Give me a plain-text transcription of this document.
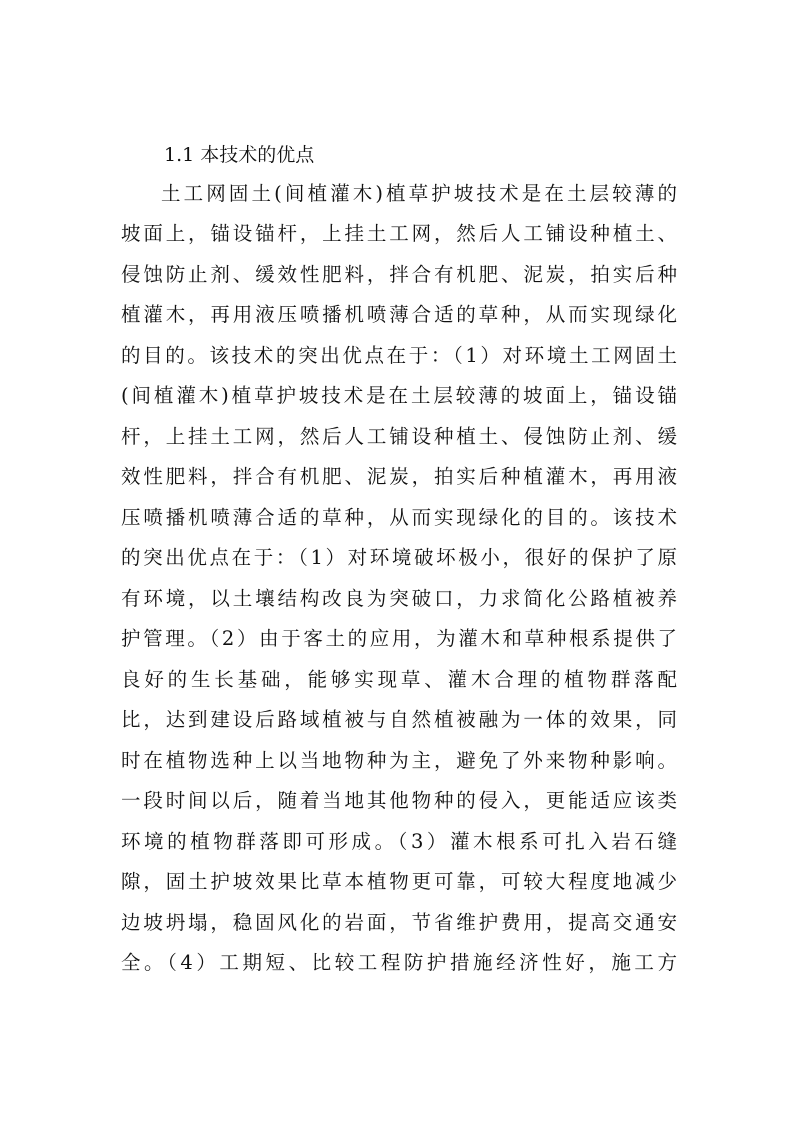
1.1 本技术的优点
土工网固土(间植灌木)植草护坡技术是在土层较薄的
坡面上，锚设锚杆，上挂土工网，然后人工铺设种植土、
侵蚀防止剂、缓效性肥料，拌合有机肥、泥炭，拍实后种
植灌木，再用液压喷播机喷薄合适的草种，从而实现绿化
的目的。该技术的突出优点在于：（1）对环境土工网固土
(间植灌木)植草护坡技术是在土层较薄的坡面上，锚设锚
杆，上挂土工网，然后人工铺设种植土、侵蚀防止剂、缓
效性肥料，拌合有机肥、泥炭，拍实后种植灌木，再用液
压喷播机喷薄合适的草种，从而实现绿化的目的。该技术
的突出优点在于：（1）对环境破坏极小，很好的保护了原
有环境，以土壤结构改良为突破口，力求简化公路植被养
护管理。（2）由于客土的应用，为灌木和草种根系提供了
良好的生长基础，能够实现草、灌木合理的植物群落配
比，达到建设后路域植被与自然植被融为一体的效果，同
时在植物选种上以当地物种为主，避免了外来物种影响。
一段时间以后，随着当地其他物种的侵入，更能适应该类
环境的植物群落即可形成。（3）灌木根系可扎入岩石缝
隙，固土护坡效果比草本植物更可靠，可较大程度地减少
边坡坍塌，稳固风化的岩面，节省维护费用，提高交通安
全。（4）工期短、比较工程防护措施经济性好，施工方
